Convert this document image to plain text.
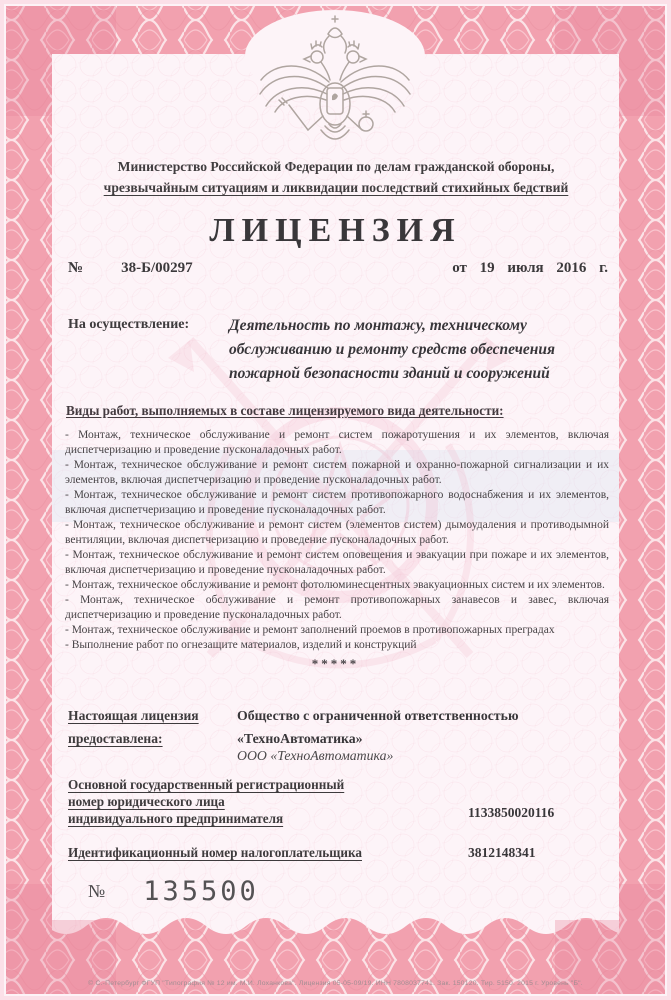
Министерство Российской Федерации по делам гражданской обороны,
чрезвычайным ситуациям и ликвидации последствий стихийных бедствий
ЛИЦЕНЗИЯ
№	38-Б/00297	от 19 июля 2016 г.
На осуществление:	Деятельность по монтажу, техническому
обслуживанию и ремонту средств обеспечения
пожарной безопасности зданий и сооружений
Виды работ, выполняемых в составе лицензируемого вида деятельности:
- Монтаж, техническое обслуживание и ремонт систем пожаротушения и их элементов, включая диспетчеризацию и проведение пусконаладочных работ.
- Монтаж, техническое обслуживание и ремонт систем пожарной и охранно-пожарной сигнализации и их элементов, включая диспетчеризацию и проведение пусконаладочных работ.
- Монтаж, техническое обслуживание и ремонт систем противопожарного водоснабжения и их элементов, включая диспетчеризацию и проведение пусконаладочных работ.
- Монтаж, техническое обслуживание и ремонт систем (элементов систем) дымоудаления и противодымной вентиляции, включая диспетчеризацию и проведение пусконаладочных работ.
- Монтаж, техническое обслуживание и ремонт систем оповещения и эвакуации при пожаре и их элементов, включая диспетчеризацию и проведение пусконаладочных работ.
- Монтаж, техническое обслуживание и ремонт фотолюминесцентных эвакуационных систем и их элементов.
- Монтаж, техническое обслуживание и ремонт противопожарных занавесов и завес, включая диспетчеризацию и проведение пусконаладочных работ.
- Монтаж, техническое обслуживание и ремонт заполнений проемов в противопожарных преградах
- Выполнение работ по огнезащите материалов, изделий и конструкций
*****
Настоящая лицензия
предоставлена:
Общество с ограниченной ответственностью
«ТехноАвтоматика»
ООО «ТехноАвтоматика»
Основной государственный регистрационный
номер юридического лица
индивидуального предпринимателя	1133850020116
Идентификационный номер налогоплательщика	3812148341
№ 135500
© С.-Петербург ФГУП "Типография № 12 им. М.И. Лоханкова". Лицензия 05-05-09/19. ИНН 7808037741. Зак. 150120. Тир. 5150. 2015 г. Уровень "Б".
